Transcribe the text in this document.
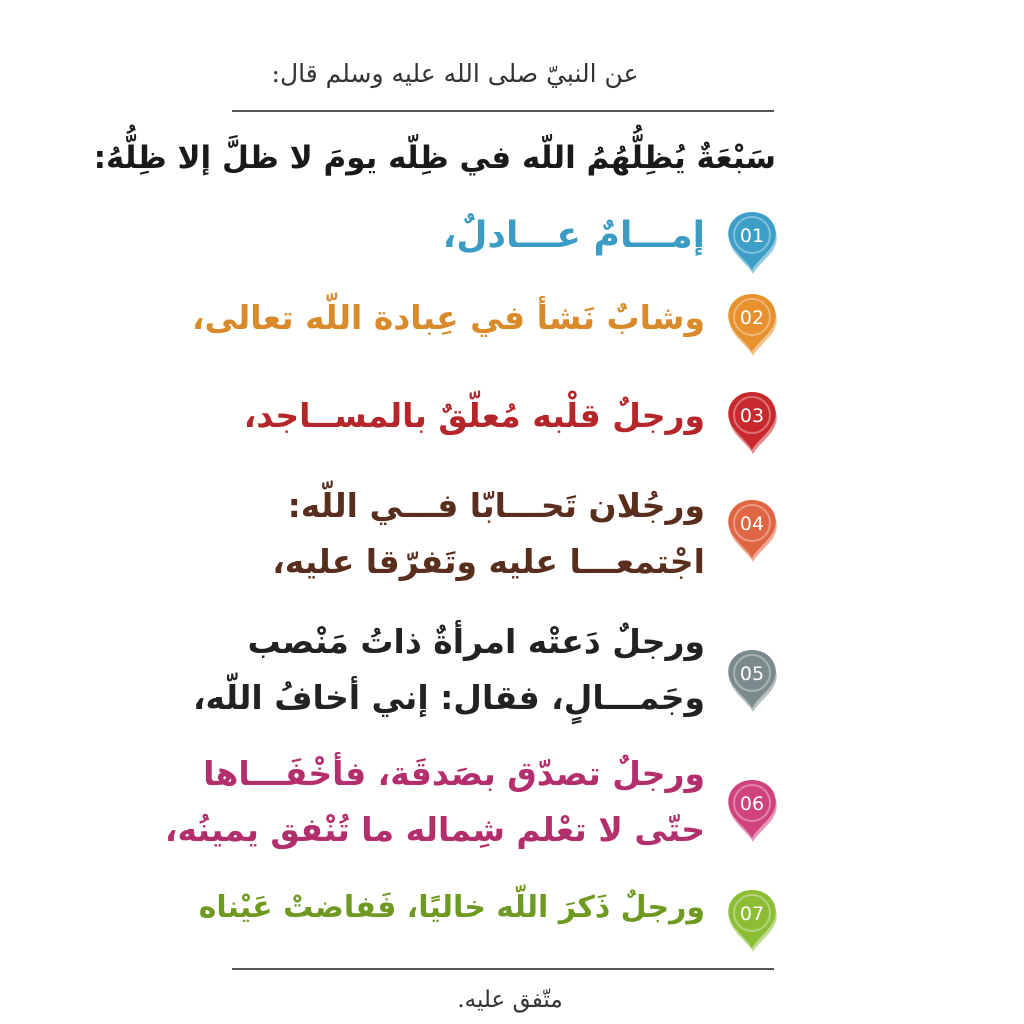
عن النبيّ صلى الله عليه وسلم قال:
سَبْعَةٌ يُظِلُّهُمُ اللّه في ظِلّه يومَ لا ظلَّ إلا ظِلُّهُ:
01
إمـــامٌ عـــادلٌ،
02
وشابٌ نَشأ في عِبادة اللّه تعالى،
03
ورجلٌ قلْبه مُعلّقٌ بالمســاجد،
04
ورجُلان تَحـــابّا فـــي اللّه:
اجْتمعـــا عليه وتَفرّقا عليه،
05
ورجلٌ دَعتْه امرأةٌ ذاتُ مَنْصب
وجَمـــالٍ، فقال: إني أخافُ اللّه،
06
ورجلٌ تصدّق بصَدقَة، فأخْفَـــاها
حتّى لا تعْلم شِماله ما تُنْفق يمينُه،
07
ورجلٌ ذَكرَ اللّه خاليًا، فَفاضتْ عَيْناه
متّفق عليه.
